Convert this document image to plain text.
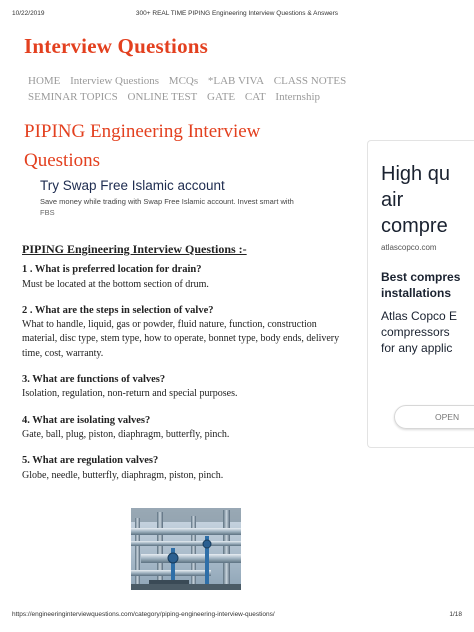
10/22/2019	300+ REAL TIME PIPING Engineering Interview Questions & Answers
Interview Questions
HOME Interview Questions MCQs *LAB VIVA CLASS NOTES SEMINAR TOPICS ONLINE TEST GATE CAT Internship
PIPING Engineering Interview Questions
Try Swap Free Islamic account
Save money while trading with Swap Free Islamic account. Invest smart with
FBS
PIPING Engineering Interview Questions :-
1 . What is preferred location for drain?
Must be located at the bottom section of drum.
2 . What are the steps in selection of valve?
What to handle, liquid, gas or powder, fluid nature, function, construction material, disc type, stem type, how to operate, bonnet type, body ends, delivery time, cost, warranty.
3. What are functions of valves?
Isolation, regulation, non-return and special purposes.
4. What are isolating valves?
Gate, ball, plug, piston, diaphragm, butterfly, pinch.
5. What are regulation valves?
Globe, needle, butterfly, diaphragm, piston, pinch.
High qu
air
compre
atlascopco.com
Best compres
installations
Atlas Copco E
compressors
for any applic
OPEN
https://engineeringinterviewquestions.com/category/piping-engineering-interview-questions/	1/18
